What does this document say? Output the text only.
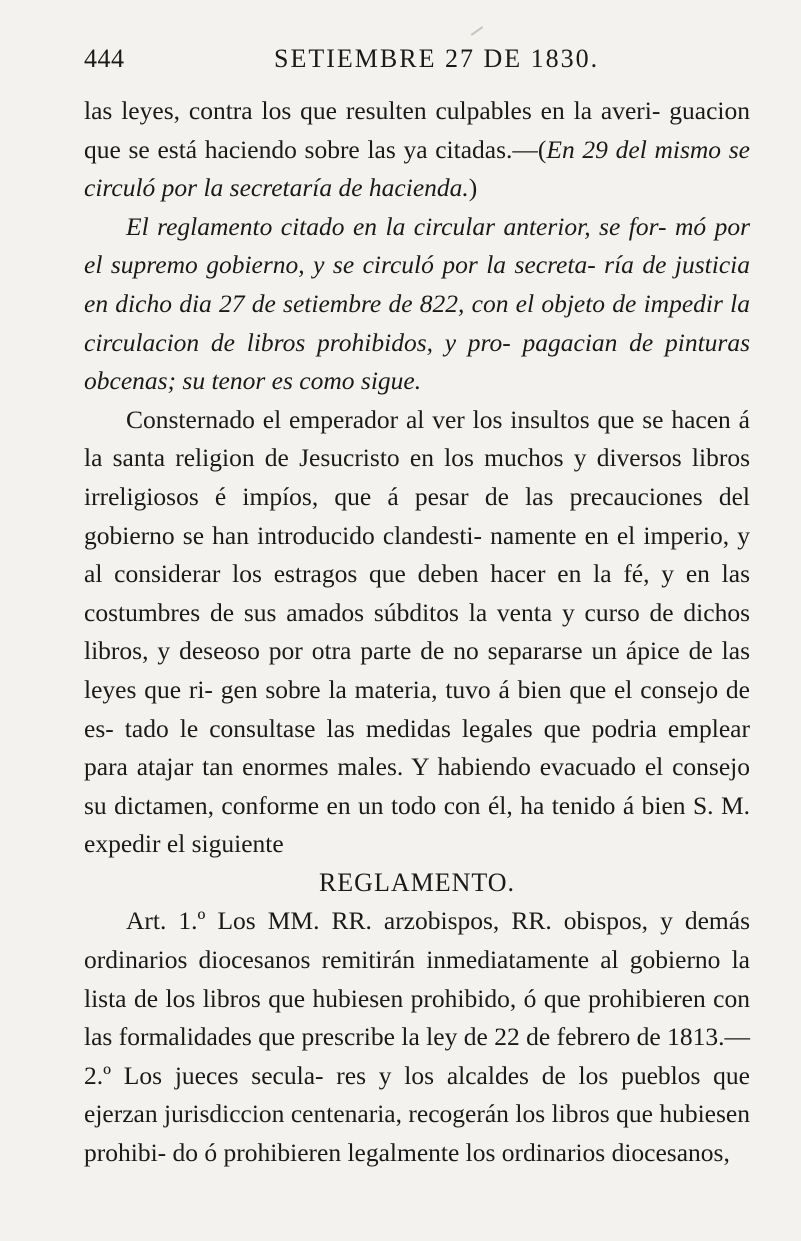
444	SETIEMBRE 27 DE 1830.

las leyes, contra los que resulten culpables en la averi- guacion que se está haciendo sobre las ya citadas.—(En 29 del mismo se circuló por la secretaría de hacienda.)

El reglamento citado en la circular anterior, se for- mó por el supremo gobierno, y se circuló por la secreta- ría de justicia en dicho dia 27 de setiembre de 822, con el objeto de impedir la circulacion de libros prohibidos, y pro- pagacian de pinturas obcenas; su tenor es como sigue.

Consternado el emperador al ver los insultos que se hacen á la santa religion de Jesucristo en los muchos y diversos libros irreligiosos é impíos, que á pesar de las precauciones del gobierno se han introducido clandesti- namente en el imperio, y al considerar los estragos que deben hacer en la fé, y en las costumbres de sus amados súbditos la venta y curso de dichos libros, y deseoso por otra parte de no separarse un ápice de las leyes que ri- gen sobre la materia, tuvo á bien que el consejo de es- tado le consultase las medidas legales que podria emplear para atajar tan enormes males. Y habiendo evacuado el consejo su dictamen, conforme en un todo con él, ha tenido á bien S. M. expedir el siguiente

REGLAMENTO.

Art. 1.º Los MM. RR. arzobispos, RR. obispos, y demás ordinarios diocesanos remitirán inmediatamente al gobierno la lista de los libros que hubiesen prohibido, ó que prohibieren con las formalidades que prescribe la ley de 22 de febrero de 1813.—2.º Los jueces secula- res y los alcaldes de los pueblos que ejerzan jurisdiccion centenaria, recogerán los libros que hubiesen prohibi- do ó prohibieren legalmente los ordinarios diocesanos,
